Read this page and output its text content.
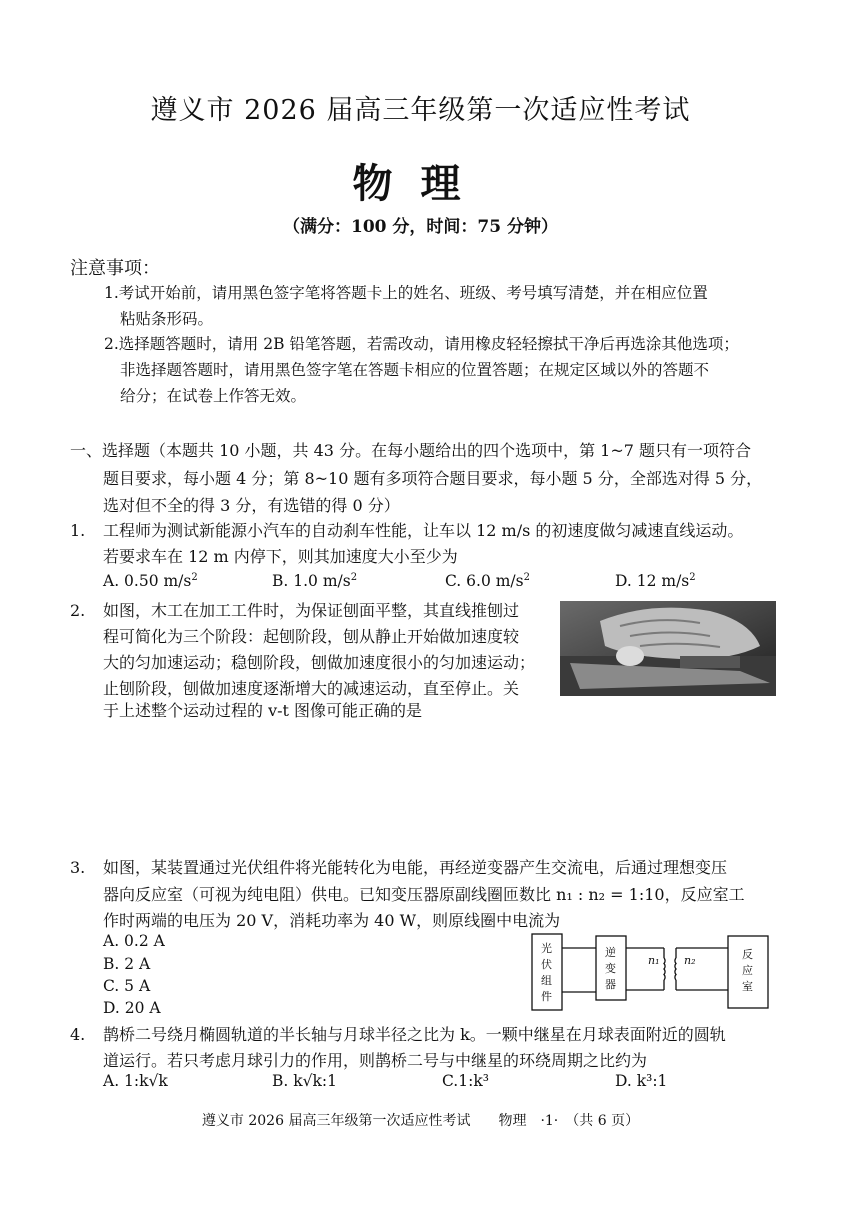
遵义市 2026 届高三年级第一次适应性考试
物理
（满分：100 分，时间：75 分钟）
注意事项：
1.考试开始前，请用黑色签字笔将答题卡上的姓名、班级、考号填写清楚，并在相应位置
粘贴条形码。
2.选择题答题时，请用 2B 铅笔答题，若需改动，请用橡皮轻轻擦拭干净后再选涂其他选项；
非选择题答题时，请用黑色签字笔在答题卡相应的位置答题；在规定区域以外的答题不
给分；在试卷上作答无效。
一、选择题（本题共 10 小题，共 43 分。在每小题给出的四个选项中，第 1~7 题只有一项符合
题目要求，每小题 4 分；第 8~10 题有多项符合题目要求，每小题 5 分，全部选对得 5 分，
选对但不全的得 3 分，有选错的得 0 分）
1. 工程师为测试新能源小汽车的自动刹车性能，让车以 12 m/s 的初速度做匀减速直线运动。
若要求车在 12 m 内停下，则其加速度大小至少为
A. 0.50 $m/s^2$	B. 1.0 $m/s^2$	C. 6.0 $m/s^2$	D. 12 $m/s^2$
2. 如图，木工在加工工件时，为保证刨面平整，其直线推刨过
程可简化为三个阶段：起刨阶段，刨从静止开始做加速度较
大的匀加速运动；稳刨阶段，刨做加速度很小的匀加速运动；
止刨阶段，刨做加速度逐渐增大的减速运动，直至停止。关
于上述整个运动过程的 v-t 图像可能正确的是
3. 如图，某装置通过光伏组件将光能转化为电能，再经逆变器产生交流电，后通过理想变压
器向反应室（可视为纯电阻）供电。已知变压器原副线圈匝数比 n₁ : n₂ = 1:10，反应室工
作时两端的电压为 20 V，消耗功率为 40 W，则原线圈中电流为
A. 0.2 A
B. 2 A
C. 5 A
D. 20 A
光
伏
组
件
逆
变
器
反
应
室
n₁ n₂
4. 鹊桥二号绕月椭圆轨道的半长轴与月球半径之比为 k。一颗中继星在月球表面附近的圆轨
道运行。若只考虑月球引力的作用，则鹊桥二号与中继星的环绕周期之比约为
A. 1:k√k	B. k√k:1	C.1:k³	D. k³:1
遵义市 2026 届高三年级第一次适应性考试　　物理　·1·　（共 6 页）
